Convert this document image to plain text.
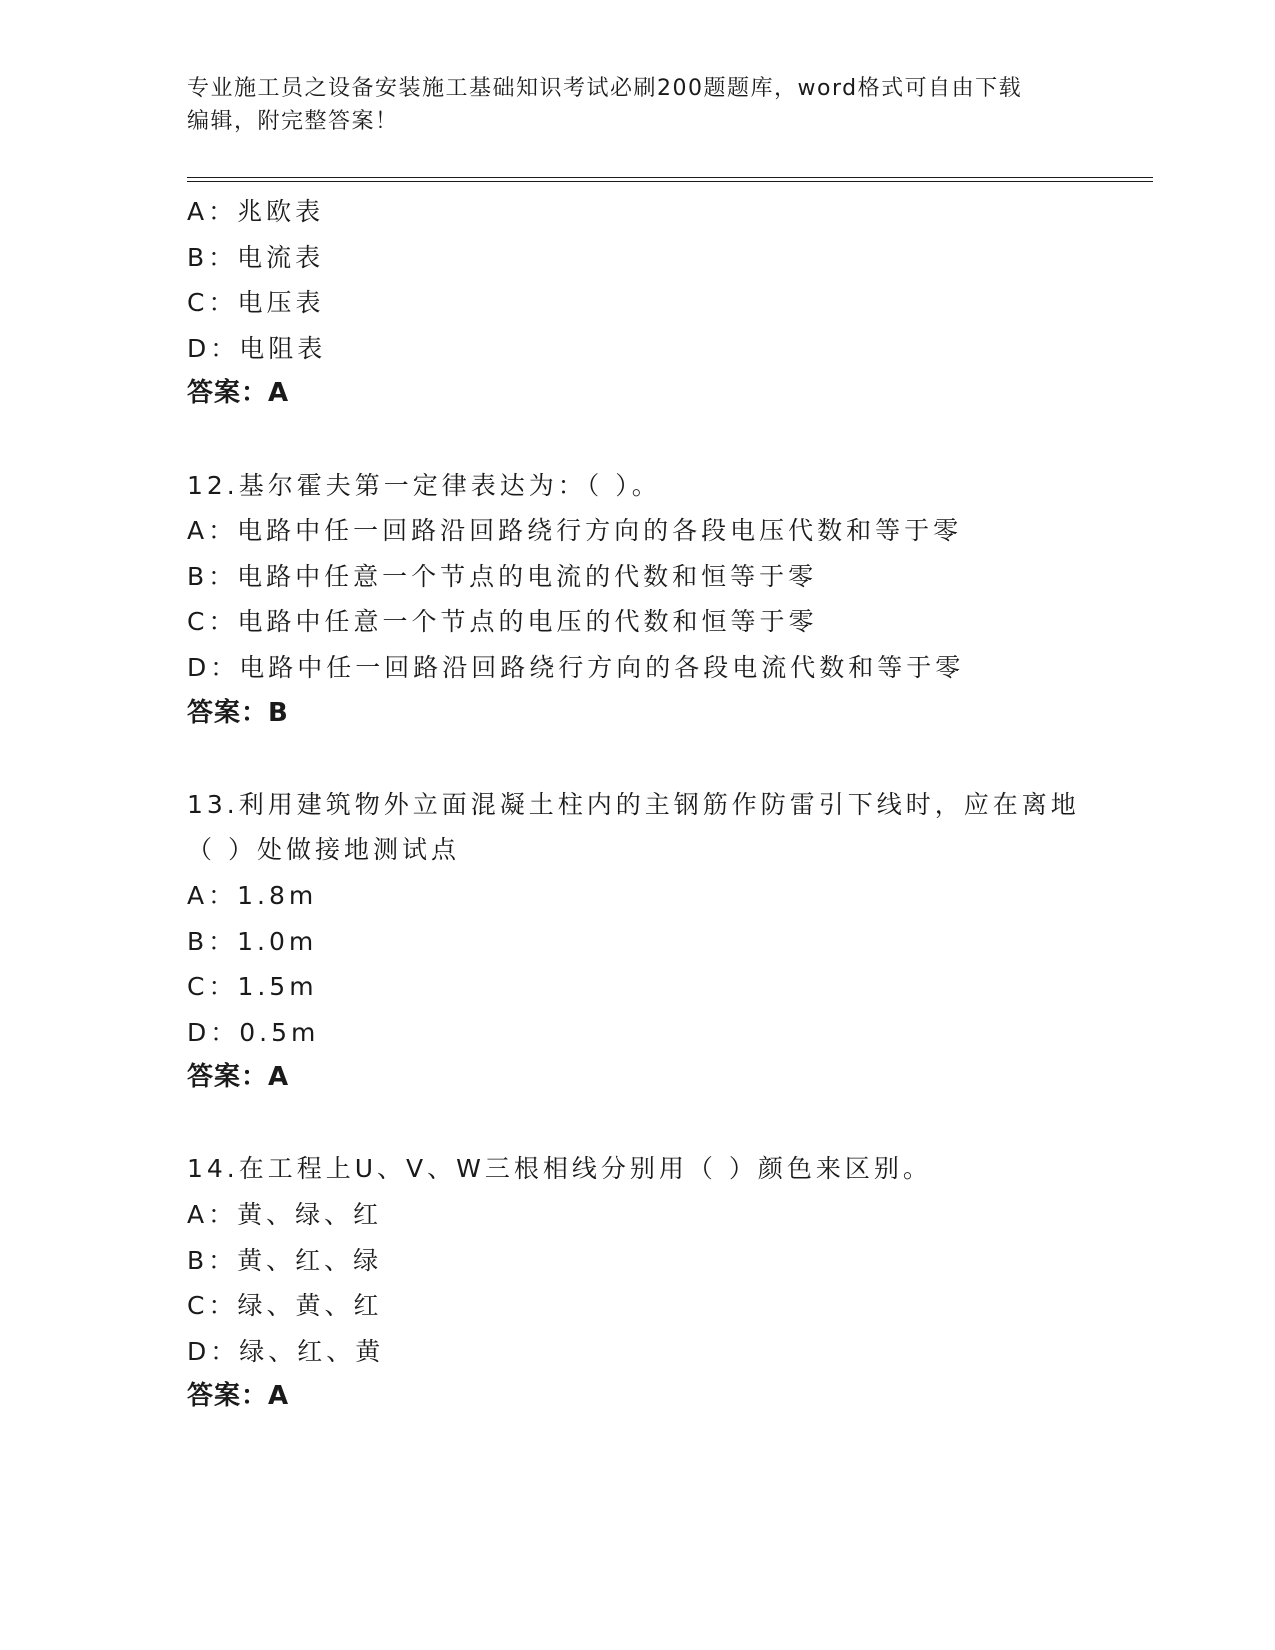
专业施工员之设备安装施工基础知识考试必刷200题题库，word格式可自由下载
编辑，附完整答案！
A：兆欧表
B：电流表
C：电压表
D：电阻表
答案：A
12.基尔霍夫第一定律表达为：（ ）。
A：电路中任一回路沿回路绕行方向的各段电压代数和等于零
B：电路中任意一个节点的电流的代数和恒等于零
C：电路中任意一个节点的电压的代数和恒等于零
D：电路中任一回路沿回路绕行方向的各段电流代数和等于零
答案：B
13.利用建筑物外立面混凝土柱内的主钢筋作防雷引下线时，应在离地
（ ）处做接地测试点
A：1.8m
B：1.0m
C：1.5m
D：0.5m
答案：A
14.在工程上U、V、W三根相线分别用（ ）颜色来区别。
A：黄、绿、红
B：黄、红、绿
C：绿、黄、红
D：绿、红、黄
答案：A
